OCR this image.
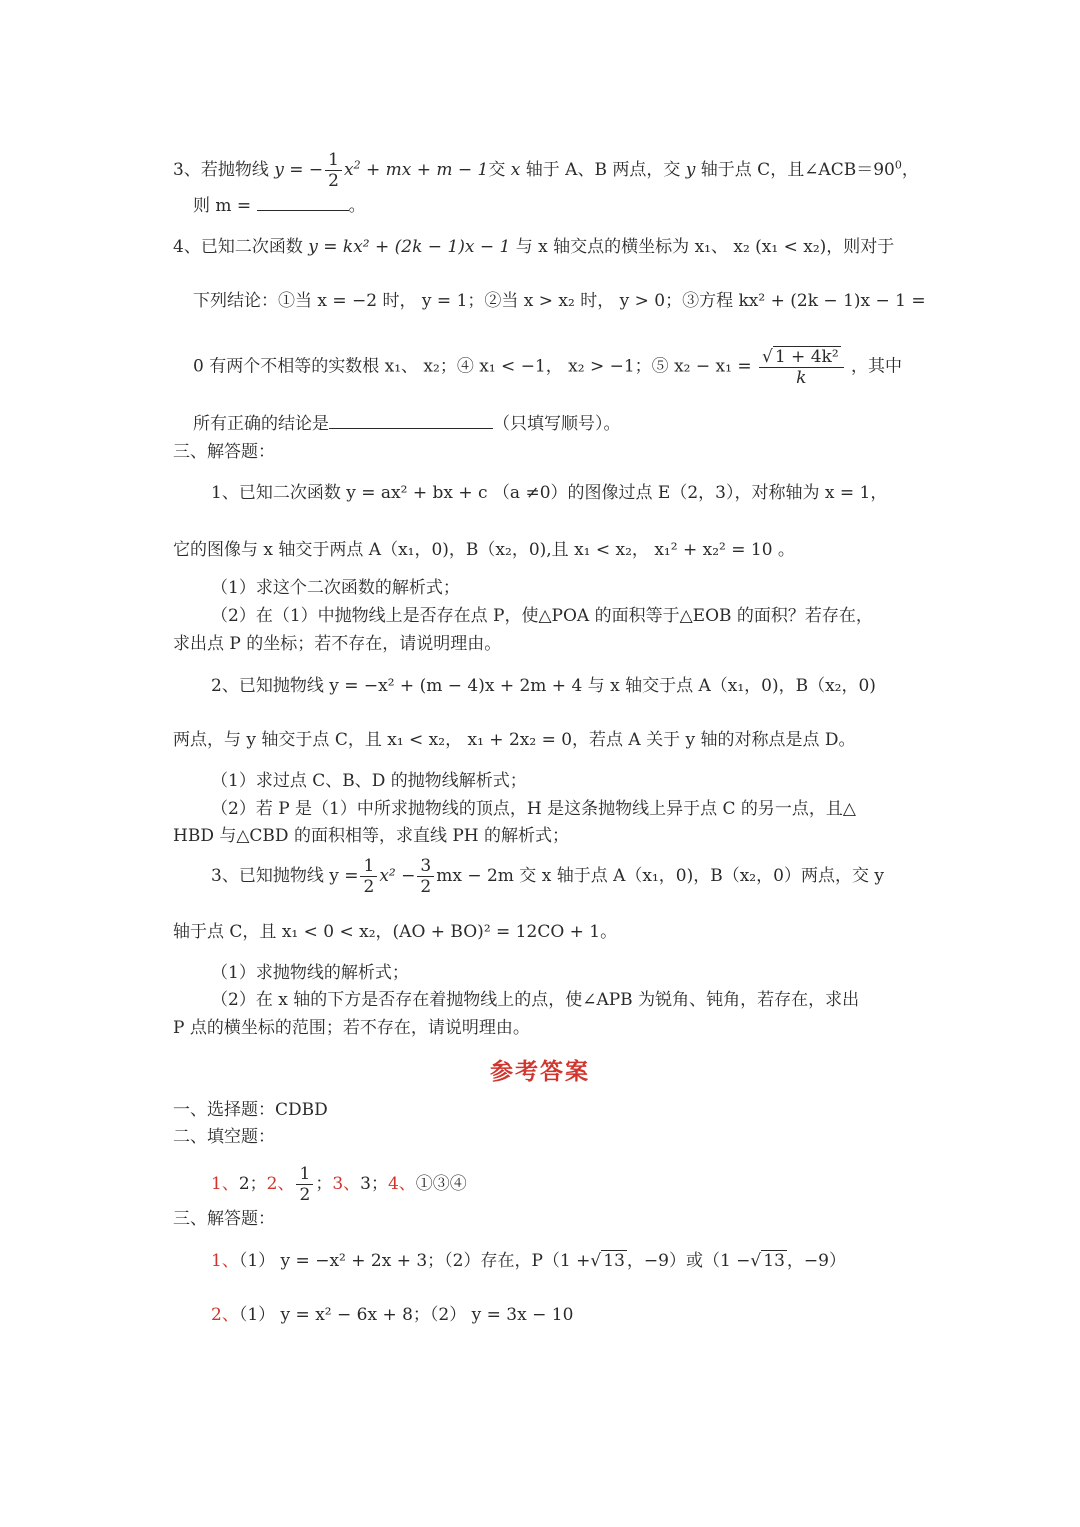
3、若抛物线 y = − $\frac{1}{2} x^2$ + mx + m − 1交 x 轴于 A、B 两点，交 y 轴于点 C，且$\angle ACB=90^0$，
则 m =	。
4、已知二次函数 y = kx² + (2k − 1)x − 1 与 x 轴交点的横坐标为 x₁、 x₂ (x₁ < x₂)，则对于
下列结论：①当 x = −2 时， y = 1；②当 x > x₂ 时， y > 0；③方程 kx² + (2k − 1)x − 1 =
0 有两个不相等的实数根 x₁、 x₂；④ x₁ < −1， x₂ > −1；⑤ $x_2 - x_1 = \frac{\text{√ 1 + 4k²}}{k}$ ，其中
所有正确的结论是	（只填写顺号）。
三、解答题：
1、已知二次函数 y = ax² + bx + c （a ≠0）的图像过点 E（2，3），对称轴为 x = 1，
它的图像与 x 轴交于两点 A（x₁，0)，B（x₂，0),且 x₁ < x₂， x₁² + x₂² = 10 。
（1）求这个二次函数的解析式；
（2）在（1）中抛物线上是否存在点 P，使△POA 的面积等于△EOB 的面积？若存在，
求出点 P 的坐标；若不存在，请说明理由。
2、已知抛物线 y = −x² + (m − 4)x + 2m + 4 与 x 轴交于点 A（x₁，0)，B（x₂，0)
两点，与 y 轴交于点 C，且 x₁ < x₂， x₁ + 2x₂ = 0，若点 A 关于 y 轴的对称点是点 D。
（1）求过点 C、B、D 的抛物线解析式；
（2）若 P 是（1）中所求抛物线的顶点，H 是这条抛物线上异于点 C 的另一点，且△
HBD 与△CBD 的面积相等，求直线 PH 的解析式；
3、已知抛物线 $y = \frac{1}{2} x^2 - \frac{3}{2}$ mx − 2m 交 x 轴于点 A（x₁，0)，B（x₂，0）两点，交 y
轴于点 C，且 x₁ < 0 < x₂，(AO + BO)² = 12CO + 1。
（1）求抛物线的解析式；
（2）在 x 轴的下方是否存在着抛物线上的点，使∠APB 为锐角、钝角，若存在，求出
P 点的横坐标的范围；若不存在，请说明理由。
参考答案
一、选择题：CDBD
二、填空题：
1、2；2、 $\frac{1}{2}$ ；3、3；4、①③④
三、解答题：
1、（1） y = −x² + 2x + 3；（2）存在，P（1 +√ 13 ，−9）或（1 −√ 13 ，−9）
2、（1） y = x² − 6x + 8；（2） y = 3x − 10
